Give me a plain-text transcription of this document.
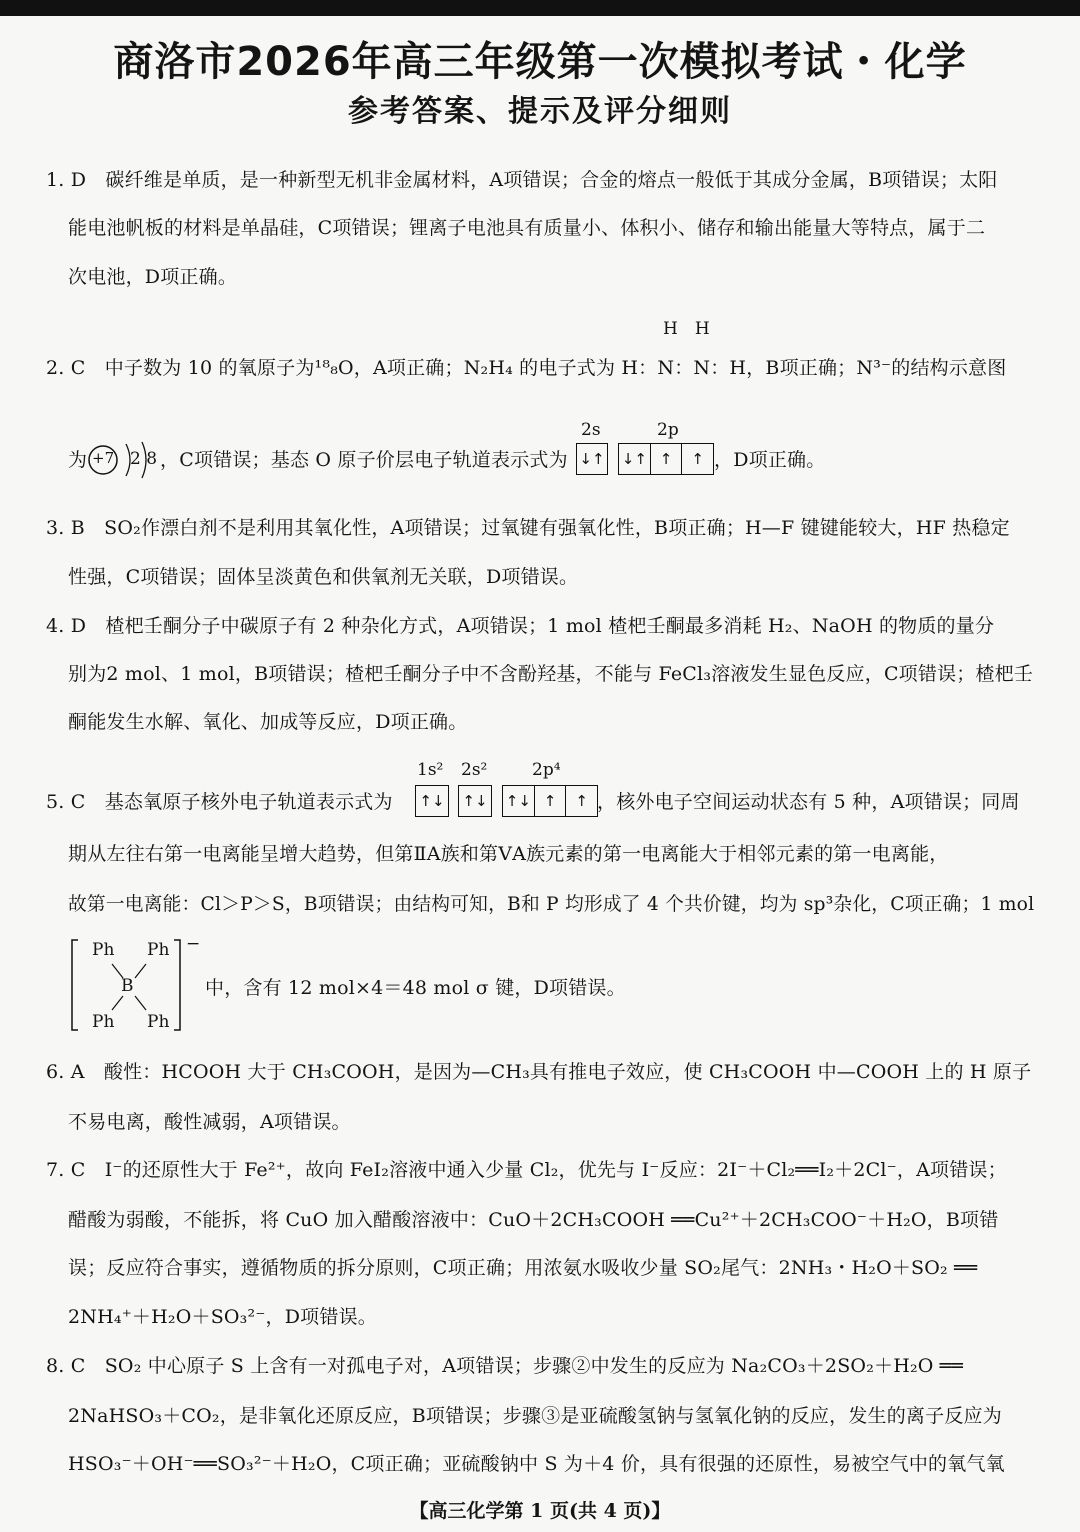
商洛市2026年高三年级第一次模拟考试・化学
参考答案、提示及评分细则
1. D　碳纤维是单质，是一种新型无机非金属材料，A项错误；合金的熔点一般低于其成分金属，B项错误；太阳
能电池帆板的材料是单晶硅，C项错误；锂离子电池具有质量小、体积小、储存和输出能量大等特点，属于二
次电池，D项正确。
H　H
2. C　中子数为 10 的氧原子为¹⁸₈O，A项正确；N₂H₄ 的电子式为 H：N：N：H，B项正确；N³⁻的结构示意图
为 +7 2 8 ，C项错误；基态 O 原子价层电子轨道表示式为
2s	2p
↓↑ ↓↑ ↑	↑ ，D项正确。
3. B　SO₂作漂白剂不是利用其氧化性，A项错误；过氧键有强氧化性，B项正确；H—F 键键能较大，HF 热稳定
性强，C项错误；固体呈淡黄色和供氧剂无关联，D项错误。
4. D　楂杷壬酮分子中碳原子有 2 种杂化方式，A项错误；1 mol 楂杷壬酮最多消耗 H₂、NaOH 的物质的量分
别为2 mol、1 mol，B项错误；楂杷壬酮分子中不含酚羟基，不能与 FeCl₃溶液发生显色反应，C项错误；楂杷壬
酮能发生水解、氧化、加成等反应，D项正确。
1s² 2s²	2p⁴
5. C　基态氧原子核外电子轨道表示式为 ↑↓ ↑↓ ↑↓ ↑	↑ ，核外电子空间运动状态有 5 种，A项错误；同周
期从左往右第一电离能呈增大趋势，但第ⅡA族和第ⅤA族元素的第一电离能大于相邻元素的第一电离能，
故第一电离能：Cl＞P＞S，B项错误；由结构可知，B和 P 均形成了 4 个共价键，均为 sp³杂化，C项正确；1 mol
Ph Ph
B
Ph Ph
−
中，含有 12 mol×4＝48 mol σ 键，D项错误。
6. A　酸性：HCOOH 大于 CH₃COOH，是因为—CH₃具有推电子效应，使 CH₃COOH 中—COOH 上的 H 原子
不易电离，酸性减弱，A项错误。
7. C　I⁻的还原性大于 Fe²⁺，故向 FeI₂溶液中通入少量 Cl₂，优先与 I⁻反应：2I⁻＋Cl₂══I₂＋2Cl⁻，A项错误；
醋酸为弱酸，不能拆，将 CuO 加入醋酸溶液中：CuO＋2CH₃COOH ══Cu²⁺＋2CH₃COO⁻＋H₂O，B项错
误；反应符合事实，遵循物质的拆分原则，C项正确；用浓氨水吸收少量 SO₂尾气：2NH₃・H₂O＋SO₂ ══
2NH₄⁺＋H₂O＋SO₃²⁻，D项错误。
8. C　SO₂ 中心原子 S 上含有一对孤电子对，A项错误；步骤②中发生的反应为 Na₂CO₃＋2SO₂＋H₂O ══
2NaHSO₃＋CO₂，是非氧化还原反应，B项错误；步骤③是亚硫酸氢钠与氢氧化钠的反应，发生的离子反应为
HSO₃⁻＋OH⁻══SO₃²⁻＋H₂O，C项正确；亚硫酸钠中 S 为＋4 价，具有很强的还原性，易被空气中的氧气氧
【高三化学第 1 页(共 4 页)】
